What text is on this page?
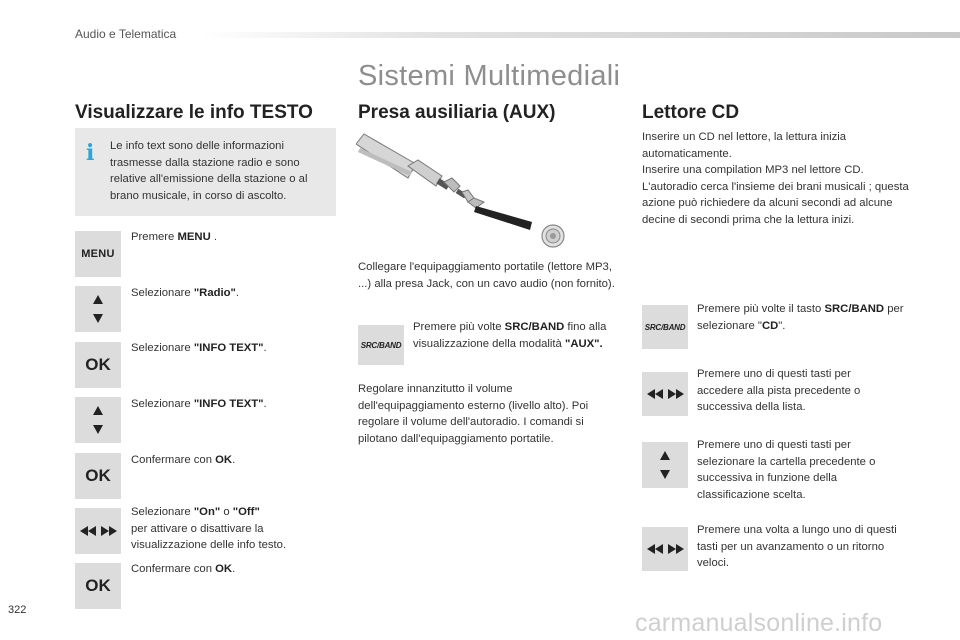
Audio e Telematica
Sistemi Multimediali
Visualizzare le info TESTO
i Le info text sono delle informazioni trasmesse dalla stazione radio e sono relative all'emissione della stazione o al brano musicale, in corso di ascolto.
MENU
Premere MENU .
Selezionare "Radio".
OK
Selezionare "INFO TEXT".
Selezionare "INFO TEXT".
OK
Confermare con OK.
Selezionare "On" o "Off"
per attivare o disattivare la
visualizzazione delle info testo.
OK
Confermare con OK.
Presa ausiliaria (AUX)
Collegare l'equipaggiamento portatile (lettore MP3, ...) alla presa Jack, con un cavo audio (non fornito).
SRC/BAND
Premere più volte SRC/BAND fino alla visualizzazione della modalità "AUX".
Regolare innanzitutto il volume dell'equipaggiamento esterno (livello alto). Poi regolare il volume dell'autoradio. I comandi si pilotano dall'equipaggiamento portatile.
Lettore CD
Inserire un CD nel lettore, la lettura inizia automaticamente.
Inserire una compilation MP3 nel lettore CD. L'autoradio cerca l'insieme dei brani musicali ; questa azione può richiedere da alcuni secondi ad alcune decine di secondi prima che la lettura inizi.
SRC/BAND
Premere più volte il tasto SRC/BAND per selezionare "CD".
Premere uno di questi tasti per accedere alla pista precedente o successiva della lista.
Premere uno di questi tasti per selezionare la cartella precedente o successiva in funzione della classificazione scelta.
Premere una volta a lungo uno di questi tasti per un avanzamento o un ritorno veloci.
322	carmanualsonline.info
